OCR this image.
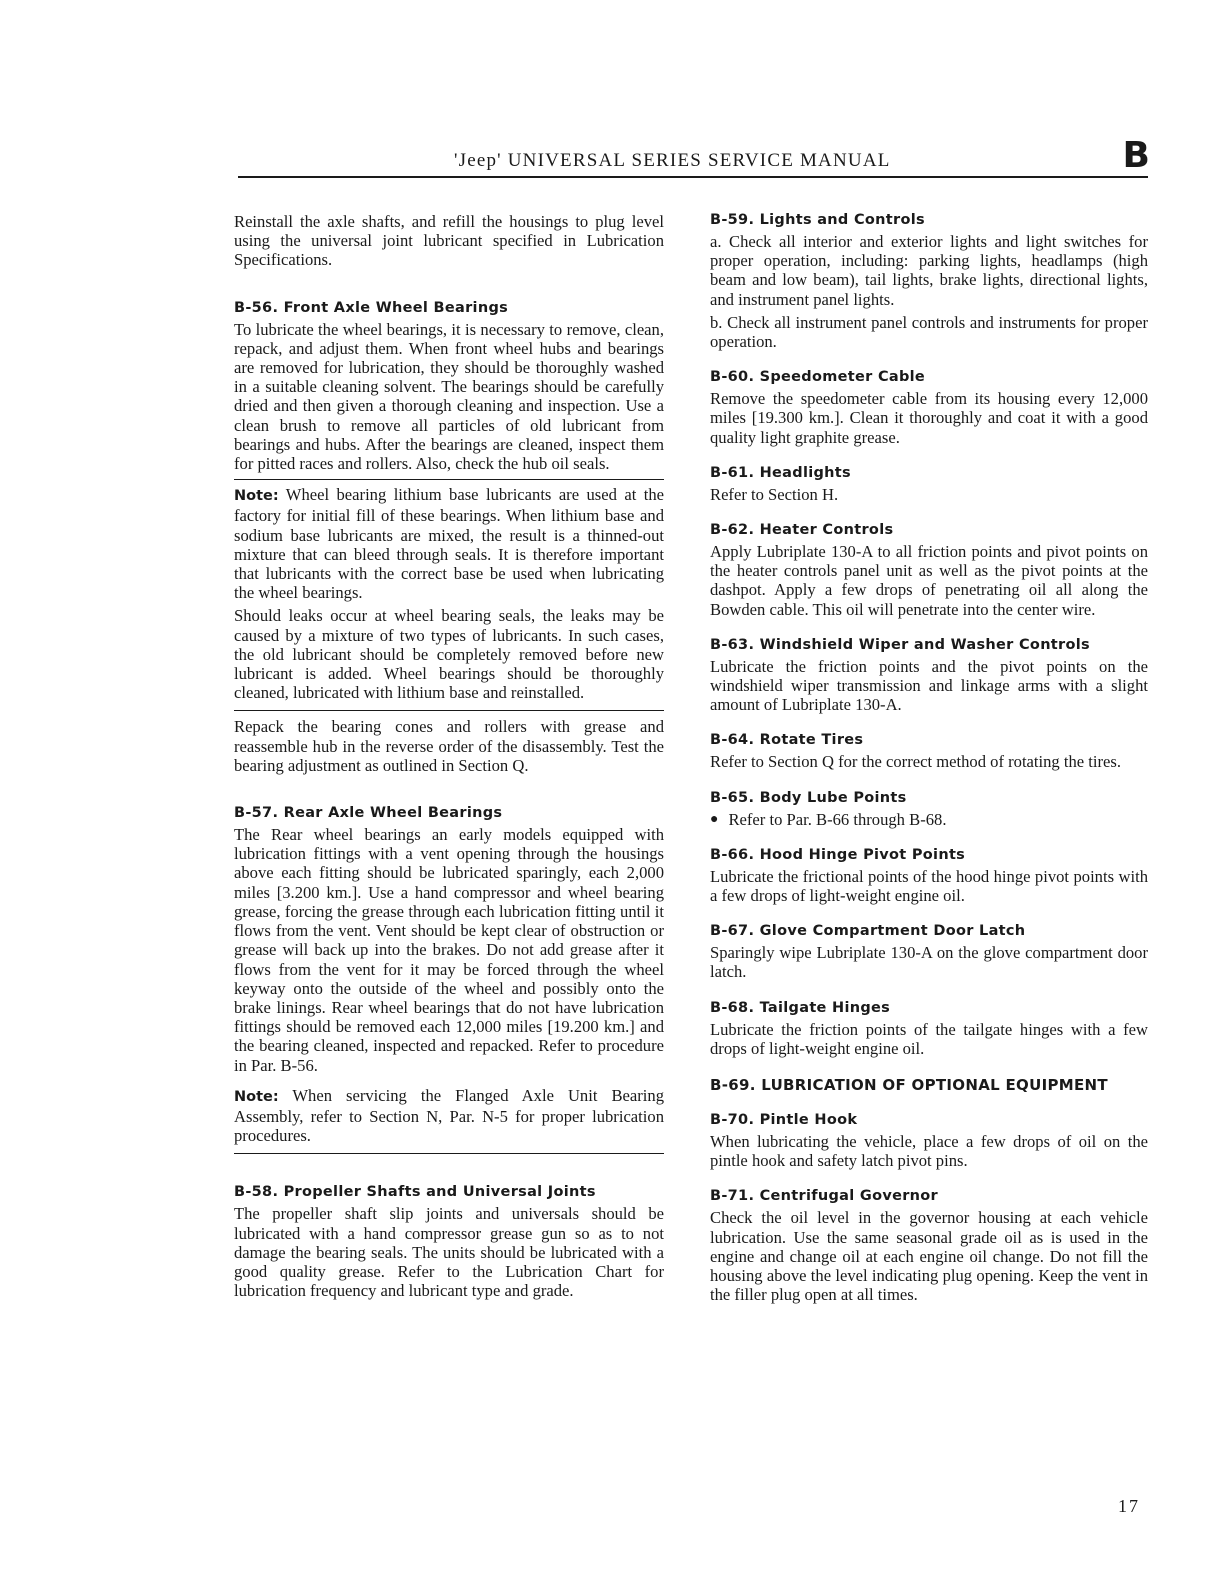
'Jeep' UNIVERSAL SERIES SERVICE MANUAL	B

Reinstall the axle shafts, and refill the housings to plug level using the universal joint lubricant specified in Lubrication Specifications.

B-56. Front Axle Wheel Bearings

To lubricate the wheel bearings, it is necessary to remove, clean, repack, and adjust them. When front wheel hubs and bearings are removed for lubrication, they should be thoroughly washed in a suitable cleaning solvent. The bearings should be carefully dried and then given a thorough cleaning and inspection. Use a clean brush to remove all particles of old lubricant from bearings and hubs. After the bearings are cleaned, inspect them for pitted races and rollers. Also, check the hub oil seals.

Note: Wheel bearing lithium base lubricants are used at the factory for initial fill of these bearings. When lithium base and sodium base lubricants are mixed, the result is a thinned-out mixture that can bleed through seals. It is therefore important that lubricants with the correct base be used when lubricating the wheel bearings.

Should leaks occur at wheel bearing seals, the leaks may be caused by a mixture of two types of lubricants. In such cases, the old lubricant should be completely removed before new lubricant is added. Wheel bearings should be thoroughly cleaned, lubricated with lithium base and reinstalled.

Repack the bearing cones and rollers with grease and reassemble hub in the reverse order of the disassembly. Test the bearing adjustment as outlined in Section Q.

B-57. Rear Axle Wheel Bearings

The Rear wheel bearings an early models equipped with lubrication fittings with a vent opening through the housings above each fitting should be lubricated sparingly, each 2,000 miles [3.200 km.]. Use a hand compressor and wheel bearing grease, forcing the grease through each lubrication fitting until it flows from the vent. Vent should be kept clear of obstruction or grease will back up into the brakes. Do not add grease after it flows from the vent for it may be forced through the wheel keyway onto the outside of the wheel and possibly onto the brake linings. Rear wheel bearings that do not have lubrication fittings should be removed each 12,000 miles [19.200 km.] and the bearing cleaned, inspected and repacked. Refer to procedure in Par. B-56.

Note: When servicing the Flanged Axle Unit Bearing Assembly, refer to Section N, Par. N-5 for proper lubrication procedures.

B-58. Propeller Shafts and Universal Joints

The propeller shaft slip joints and universals should be lubricated with a hand compressor grease gun so as to not damage the bearing seals. The units should be lubricated with a good quality grease. Refer to the Lubrication Chart for lubrication frequency and lubricant type and grade.

B-59. Lights and Controls

a. Check all interior and exterior lights and light switches for proper operation, including: parking lights, headlamps (high beam and low beam), tail lights, brake lights, directional lights, and instrument panel lights.

b. Check all instrument panel controls and instruments for proper operation.

B-60. Speedometer Cable

Remove the speedometer cable from its housing every 12,000 miles [19.300 km.]. Clean it thoroughly and coat it with a good quality light graphite grease.

B-61. Headlights

Refer to Section H.

B-62. Heater Controls

Apply Lubriplate 130-A to all friction points and pivot points on the heater controls panel unit as well as the pivot points at the dashpot. Apply a few drops of penetrating oil all along the Bowden cable. This oil will penetrate into the center wire.

B-63. Windshield Wiper and Washer Controls

Lubricate the friction points and the pivot points on the windshield wiper transmission and linkage arms with a slight amount of Lubriplate 130-A.

B-64. Rotate Tires

Refer to Section Q for the correct method of rotating the tires.

B-65. Body Lube Points
● Refer to Par. B-66 through B-68.
B-66. Hood Hinge Pivot Points

Lubricate the frictional points of the hood hinge pivot points with a few drops of light-weight engine oil.

B-67. Glove Compartment Door Latch

Sparingly wipe Lubriplate 130-A on the glove compartment door latch.

B-68. Tailgate Hinges

Lubricate the friction points of the tailgate hinges with a few drops of light-weight engine oil.

B-69. LUBRICATION OF OPTIONAL EQUIPMENT
B-70. Pintle Hook

When lubricating the vehicle, place a few drops of oil on the pintle hook and safety latch pivot pins.

B-71. Centrifugal Governor

Check the oil level in the governor housing at each vehicle lubrication. Use the same seasonal grade oil as is used in the engine and change oil at each engine oil change. Do not fill the housing above the level indicating plug opening. Keep the vent in the filler plug open at all times.

17
